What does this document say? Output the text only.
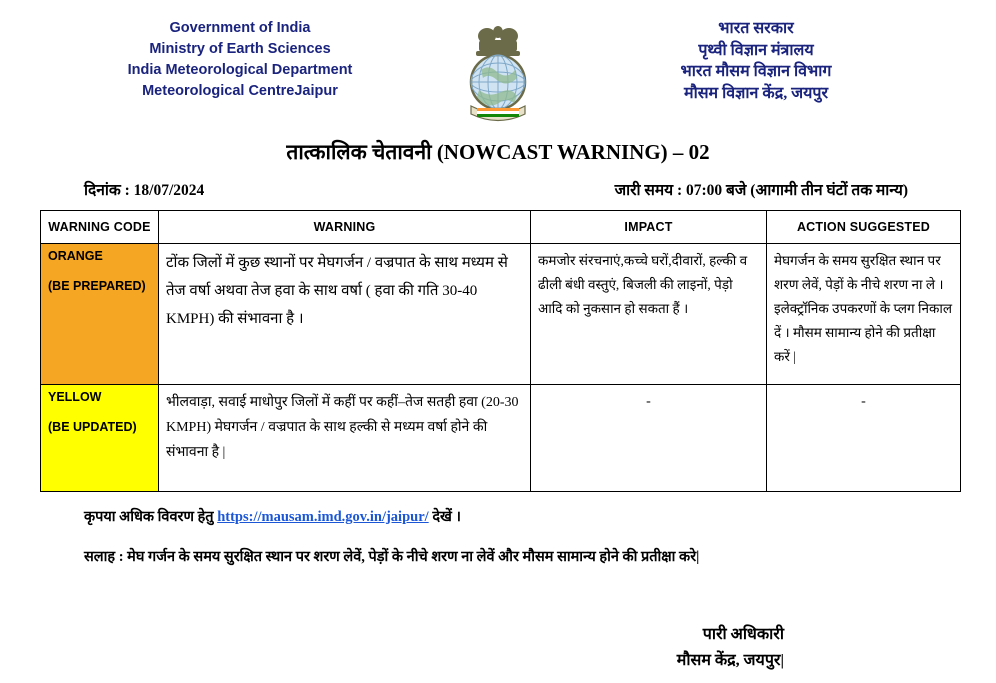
Government of India
Ministry of Earth Sciences
India Meteorological Department
Meteorological CentreJaipur
भारत सरकार
पृथ्वी विज्ञान मंत्रालय
भारत मौसम विज्ञान विभाग
मौसम विज्ञान केंद्र, जयपुर
तात्कालिक चेतावनी (NOWCAST WARNING) – 02
दिनांक : 18/07/2024	जारी समय : 07:00 बजे (आगामी तीन घंटों तक मान्य)
WARNING CODE	WARNING	IMPACT	ACTION SUGGESTED
ORANGE
(BE PREPARED)	टोंक जिलों में कुछ स्थानों पर मेघगर्जन / वज्रपात के साथ मध्यम से तेज वर्षा अथवा तेज हवा के साथ वर्षा ( हवा की गति 30-40 KMPH) की संभावना है ।	कमजोर संरचनाएं,कच्चे घरों,दीवारों, हल्की व ढीली बंधी वस्तुएं, बिजली की लाइनों, पेड़ो आदि को नुकसान हो सकता हैं ।	मेघगर्जन के समय सुरक्षित स्थान पर शरण लेवें, पेड़ों के नीचे शरण ना ले । इलेक्ट्रॉनिक उपकरणों के प्लग निकाल दें । मौसम सामान्य होने की प्रतीक्षा करें |
YELLOW
(BE UPDATED)	भीलवाड़ा, सवाई माधोपुर जिलों में कहीं पर कहीं–तेज सतही हवा (20-30 KMPH) मेघगर्जन / वज्रपात के साथ हल्की से मध्यम वर्षा होने की संभावना है |	-	-
कृपया अधिक विवरण हेतु https://mausam.imd.gov.in/jaipur/ देखें ।
सलाह : मेघ गर्जन के समय सुरक्षित स्थान पर शरण लेवें, पेड़ों के नीचे शरण ना लेवें और मौसम सामान्य होने की प्रतीक्षा करे|
पारी अधिकारी
मौसम केंद्र, जयपुर|
